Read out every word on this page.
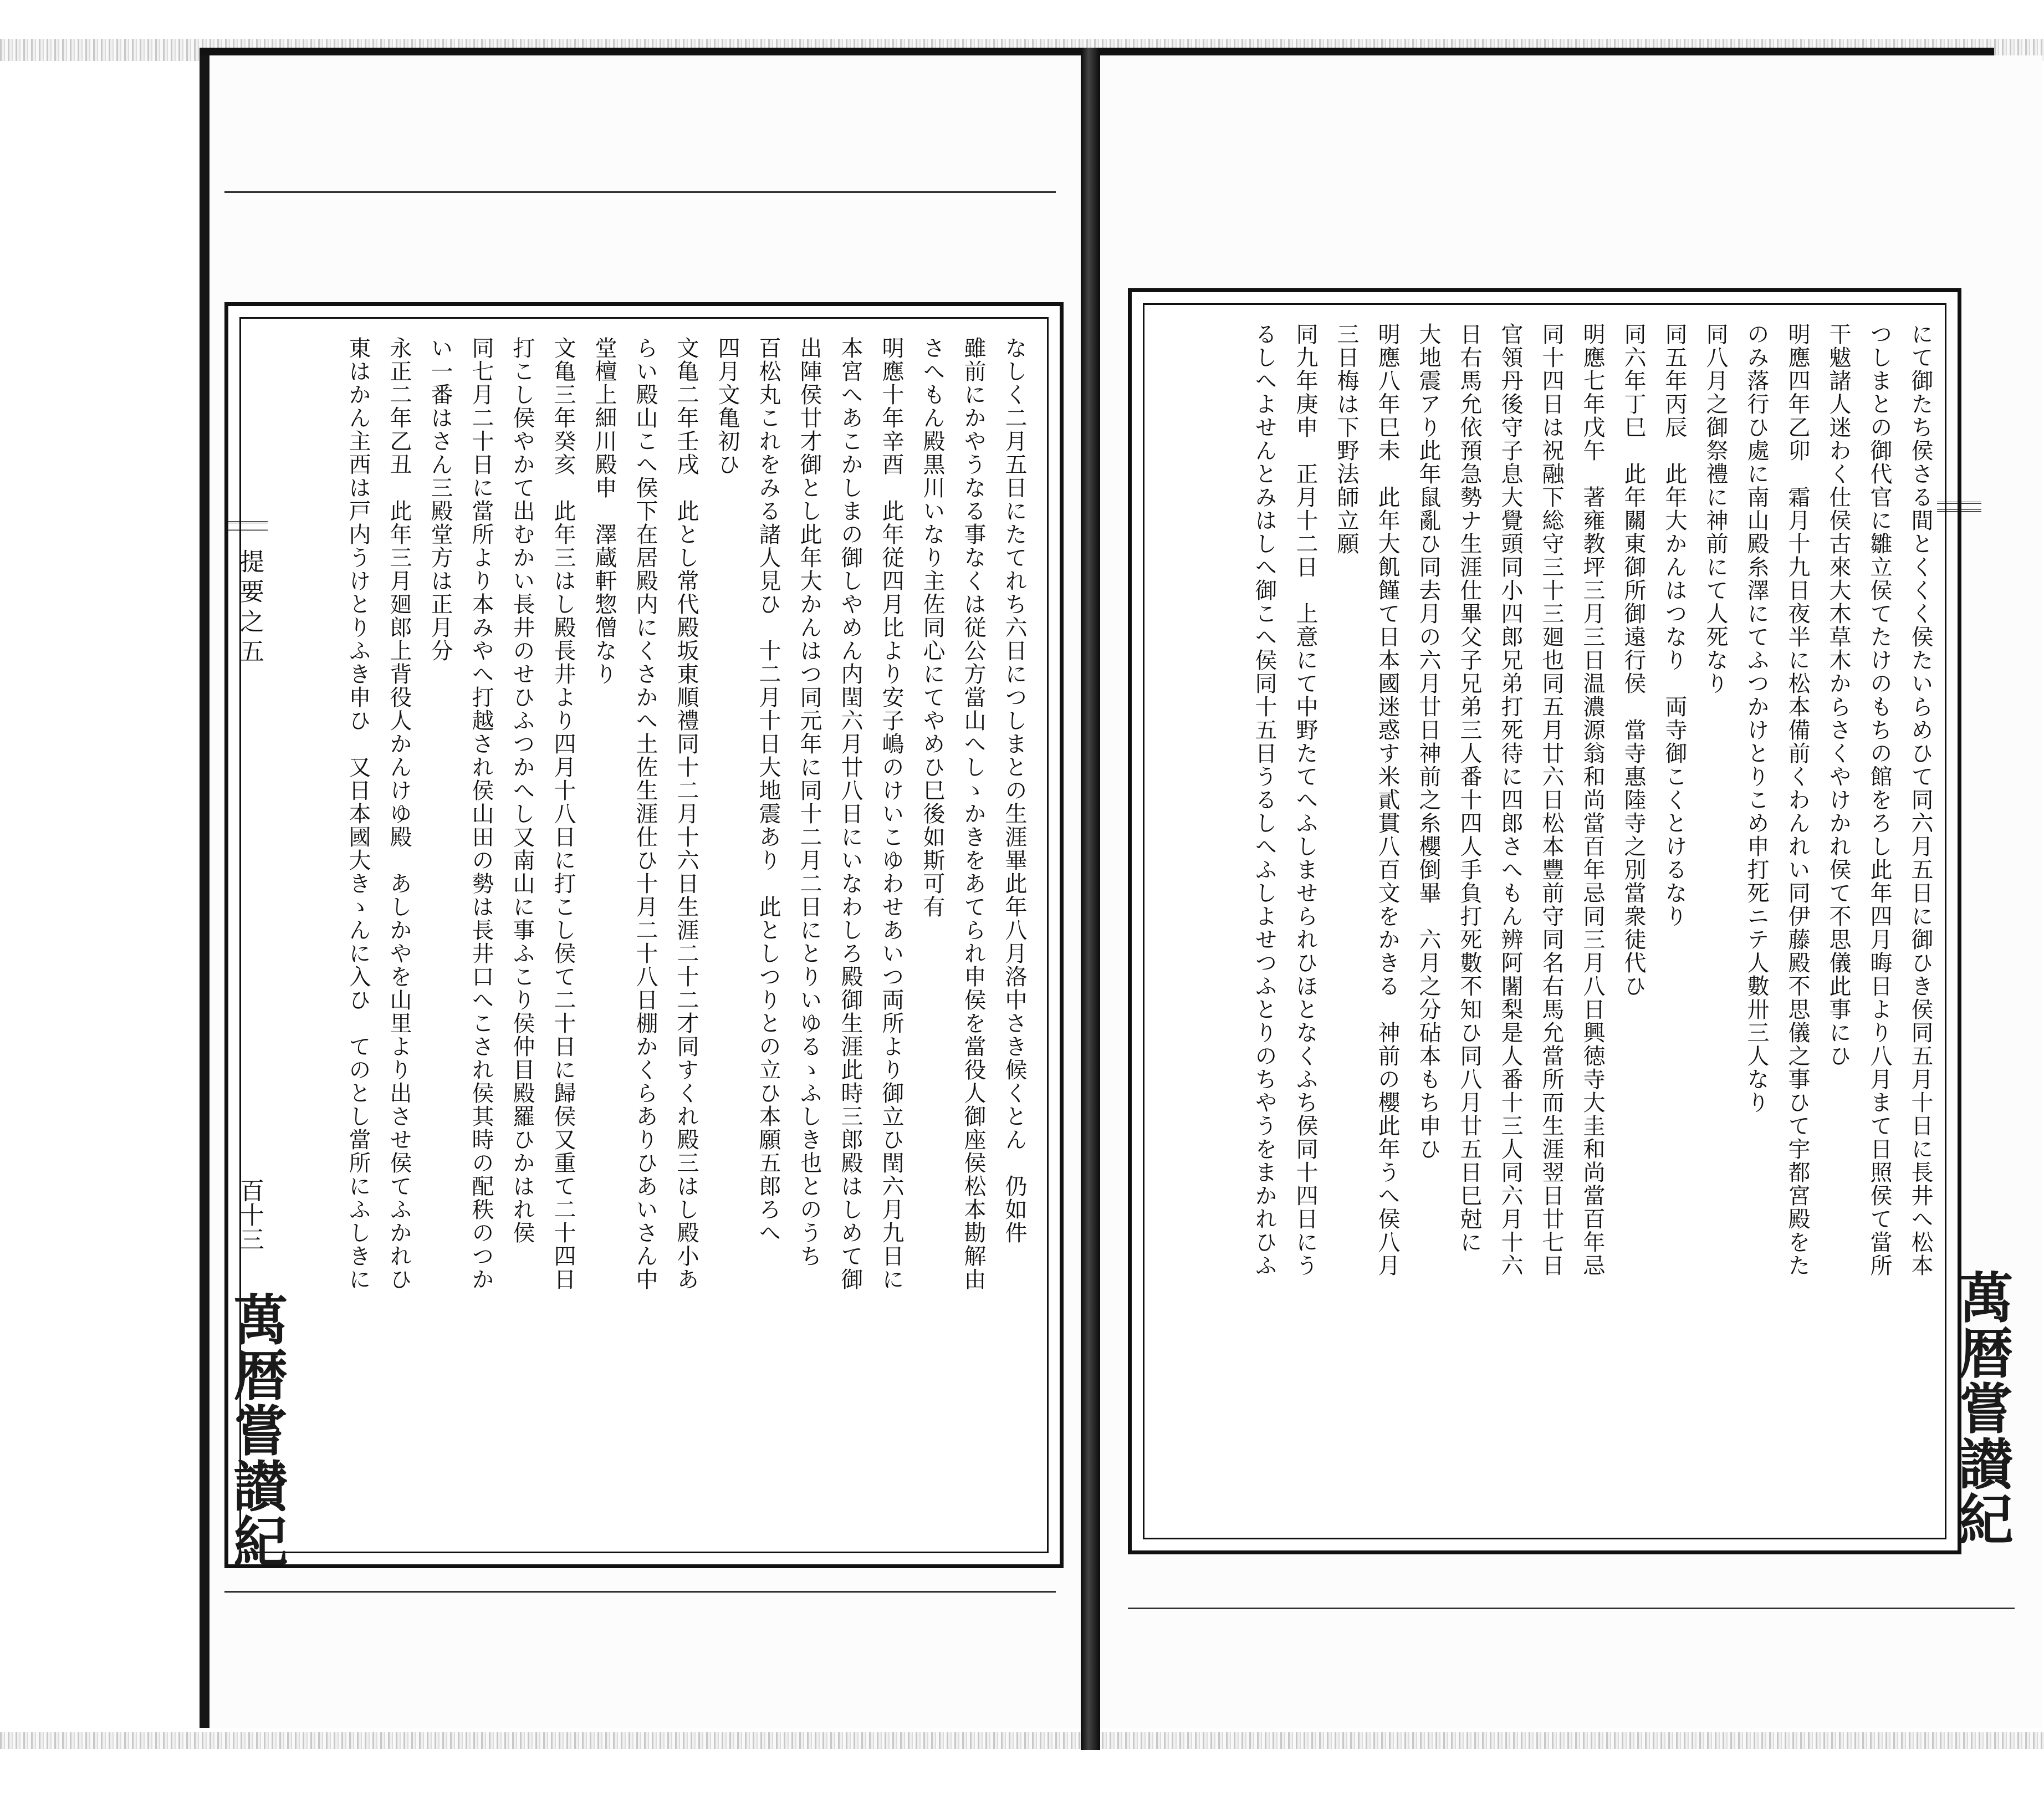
なしく二月五日にたてれち六日につしまとの生涯畢此年八月洛中さき候くとん　仍如件
雖前にかやうなる事なくは従公方當山へしゝかきをあてられ申侯を當役人御座侯松本勘解由
さへもん殿黒川いなり主佐同心にてやめひ巳後如斯可有
明應十年辛酉　此年従四月比より安子嶋のけいこゆわせあいつ両所より御立ひ閏六月九日に
本宮へあこかしまの御しやめん内閏六月廿八日にいなわしろ殿御生涯此時三郎殿はしめて御
出陣侯廿才御とし此年大かんはつ同元年に同十二月二日にとりいゆるゝふしき也とのうち
百松丸これをみる諸人見ひ　十二月十日大地震あり　此としつりとの立ひ本願五郎ろへ
四月文亀初ひ
文亀二年壬戌　此とし常代殿坂東順禮同十二月十六日生涯二十二才同すくれ殿三はし殿小あ
らい殿山こへ侯下在居殿内にくさかへ土佐生涯仕ひ十月二十八日棚かくらありひあいさん中
堂檀上細川殿申　澤蔵軒惣僧なり
文亀三年癸亥　此年三はし殿長井より四月十八日に打こし侯て二十日に歸侯又重て二十四日
打こし侯やかて出むかい長井のせひふつかへし又南山に事ふこり侯仲目殿羅ひかはれ侯
同七月二十日に當所より本みやへ打越され侯山田の勢は長井口へこされ侯其時の配秩のつか
い一番はさん三殿堂方は正月分
永正二年乙丑　此年三月廻郎上背役人かんけゆ殿　あしかやを山里より出させ侯てふかれひ
東はかん主西は戸内うけとりふき申ひ　又日本國大きゝんに入ひ　てのとし當所にふしきに
提要之五
百十三
萬暦嘗讃紀
にて御たち侯さる間とくくく侯たいらめひて同六月五日に御ひき侯同五月十日に長井へ松本
つしまとの御代官に雛立侯てたけのもちの館をろし此年四月晦日より八月まて日照侯て當所
干魃諸人迷わく仕侯古來大木草木からさくやけかれ侯て不思儀此事にひ
明應四年乙卯　霜月十九日夜半に松本備前くわんれい同伊藤殿不思儀之事ひて宇都宮殿をた
のみ落行ひ處に南山殿糸澤にてふつかけとりこめ申打死ニテ人數卅三人なり
同八月之御祭禮に神前にて人死なり
同五年丙辰　此年大かんはつなり　両寺御こくとけるなり
同六年丁巳　此年關東御所御遠行侯　當寺惠陸寺之別當衆徒代ひ
明應七年戊午　著雍教坪三月三日温濃源翁和尚當百年忌同三月八日興徳寺大圭和尚當百年忌
同十四日は祝融下総守三十三廻也同五月廿六日松本豐前守同名右馬允當所而生涯翌日廿七日
官領丹後守子息大覺頭同小四郎兄弟打死待に四郎さへもん辨阿闍梨是人番十三人同六月十六
日右馬允依預急勢ナ生涯仕畢父子兄弟三人番十四人手負打死數不知ひ同八月廿五日巳尅に
大地震アり此年鼠亂ひ同去月の六月廿日神前之糸櫻倒畢　六月之分砧本もち申ひ
明應八年巳未　此年大飢饉て日本國迷惑す米貳貫八百文をかきる　神前の櫻此年うへ侯八月
三日梅は下野法師立願
同九年庚申　正月十二日　上意にて中野たてへふしませられひほとなくふち侯同十四日にう
るしへよせんとみはしへ御こへ侯同十五日うるしへふしよせつふとりのちやうをまかれひふ
萬暦嘗讃紀
